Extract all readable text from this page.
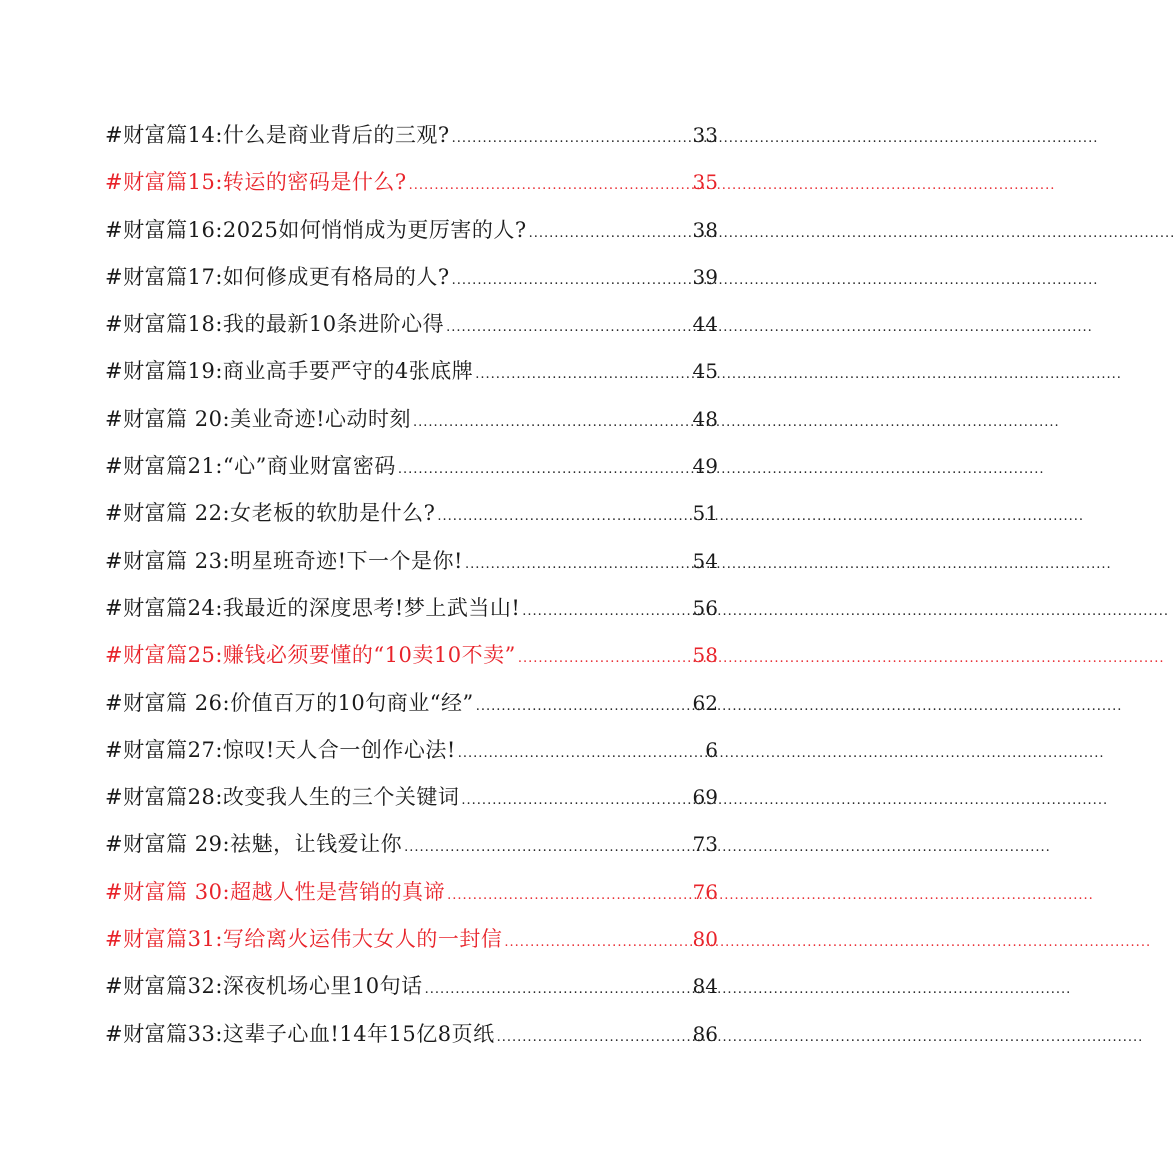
#财富篇14:什么是商业背后的三观? .....	33
#财富篇15:转运的密码是什么? .....	35
#财富篇16:2025如何悄悄成为更厉害的人? .....	38
#财富篇17:如何修成更有格局的人? .....	39
#财富篇18:我的最新10条进阶心得 .....	44
#财富篇19:商业高手要严守的4张底牌 .....	45
#财富篇 20:美业奇迹!心动时刻 .....	48
#财富篇21:“心”商业财富密码 .....	49
#财富篇 22:女老板的软肋是什么? .....	51
#财富篇 23:明星班奇迹!下一个是你! .....	54
#财富篇24:我最近的深度思考!梦上武当山! .....	56
#财富篇25:赚钱必须要懂的“10卖10不卖” .....	58
#财富篇 26:价值百万的10句商业“经” .....	62
#财富篇27:惊叹!天人合一创作心法! .....	6
#财富篇28:改变我人生的三个关键词 .....	69
#财富篇 29:祛魅，让钱爱让你 .....	73
#财富篇 30:超越人性是营销的真谛 .....	76
#财富篇31:写给离火运伟大女人的一封信 .....	80
#财富篇32:深夜机场心里10句话 .....	84
#财富篇33:这辈子心血!14年15亿8页纸 .....	86
